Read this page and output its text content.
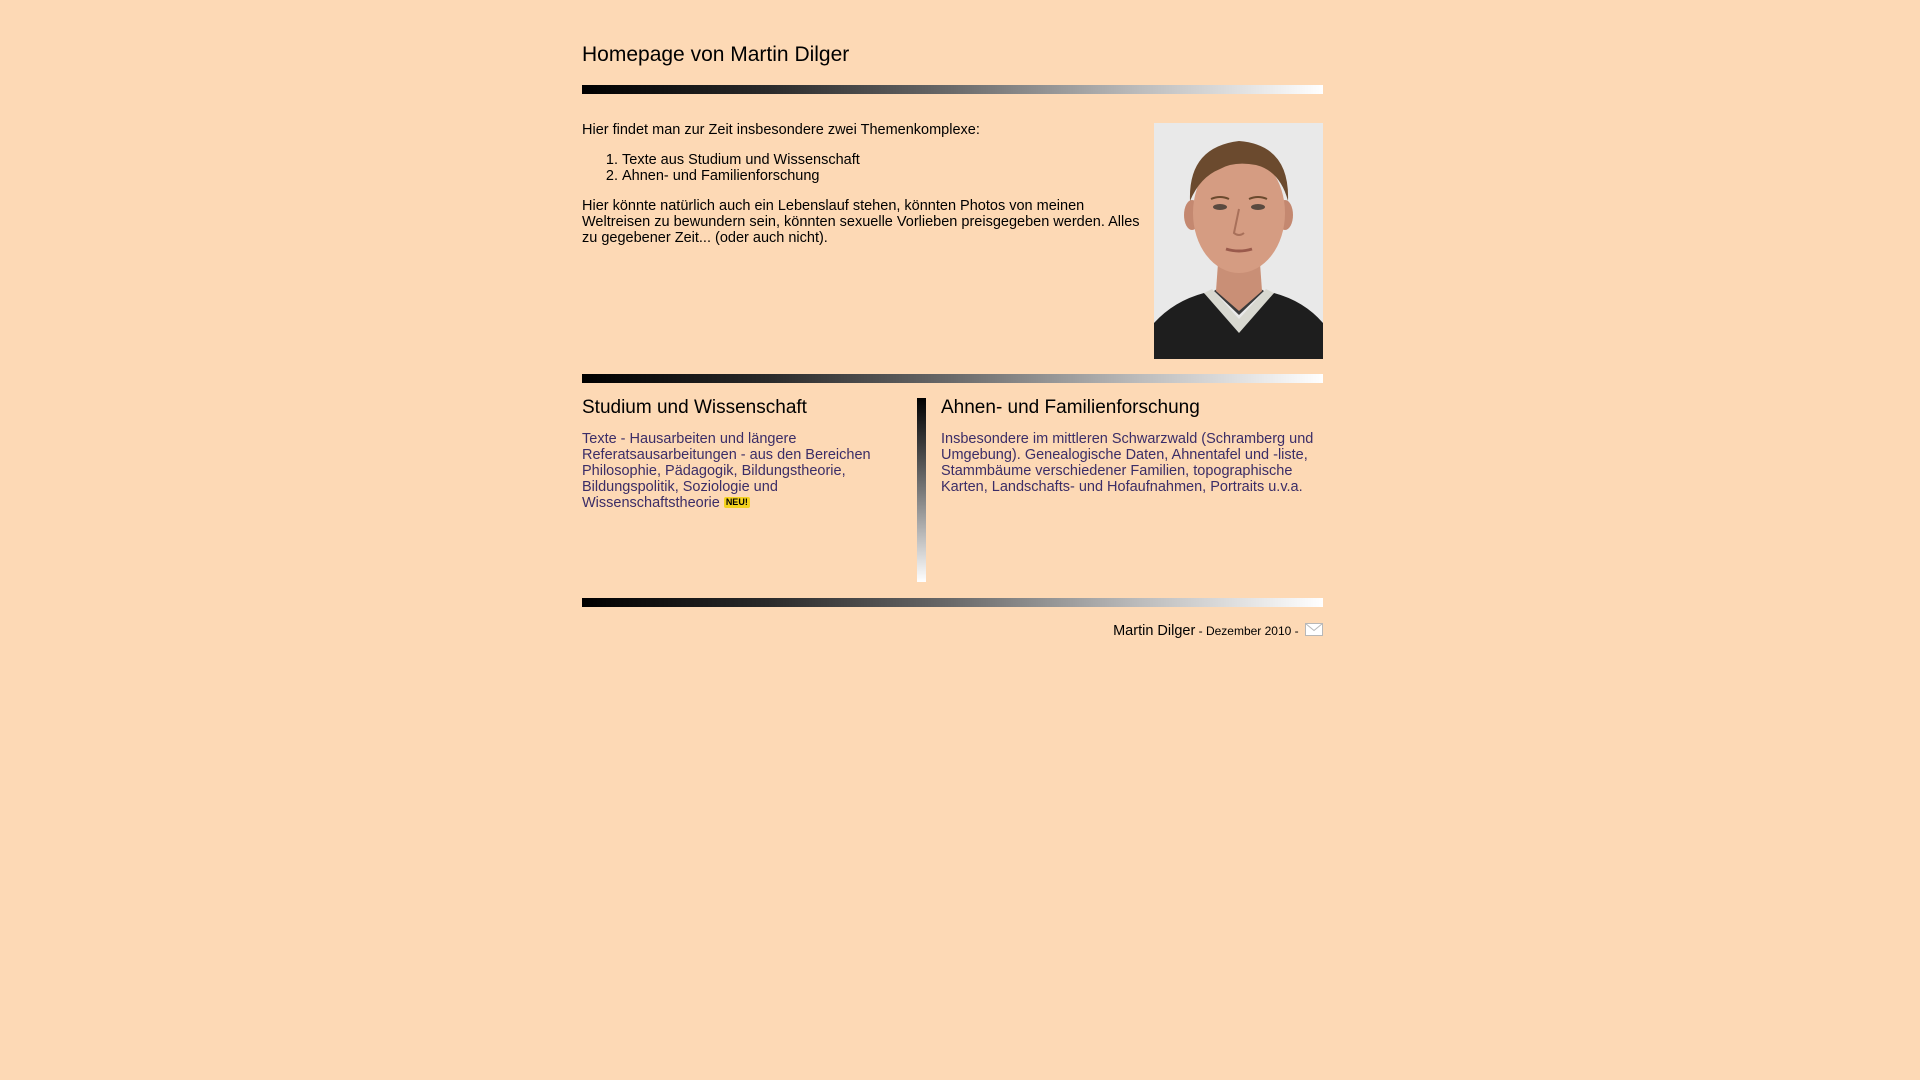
Homepage von Martin Dilger

Hier findet man zur Zeit insbesondere zwei Themenkomplexe:

1. Texte aus Studium und Wissenschaft
2. Ahnen- und Familienforschung

Hier könnte natürlich auch ein Lebenslauf stehen, könnten Photos von meinen Weltreisen zu bewundern sein, könnten sexuelle Vorlieben preisgegeben werden. Alles zu gegebener Zeit... (oder auch nicht).

Studium und Wissenschaft
Texte - Hausarbeiten und längere Referatsausarbeitungen - aus den Bereichen Philosophie, Pädagogik, Bildungstheorie, Bildungspolitik, Soziologie und Wissenschaftstheorie NEU!
Ahnen- und Familienforschung
Insbesondere im mittleren Schwarzwald (Schramberg und Umgebung). Genealogische Daten, Ahnentafel und -liste, Stammbäume verschiedener Familien, topographische Karten, Landschafts- und Hofaufnahmen, Portraits u.v.a.
Martin Dilger - Dezember 2010 -
